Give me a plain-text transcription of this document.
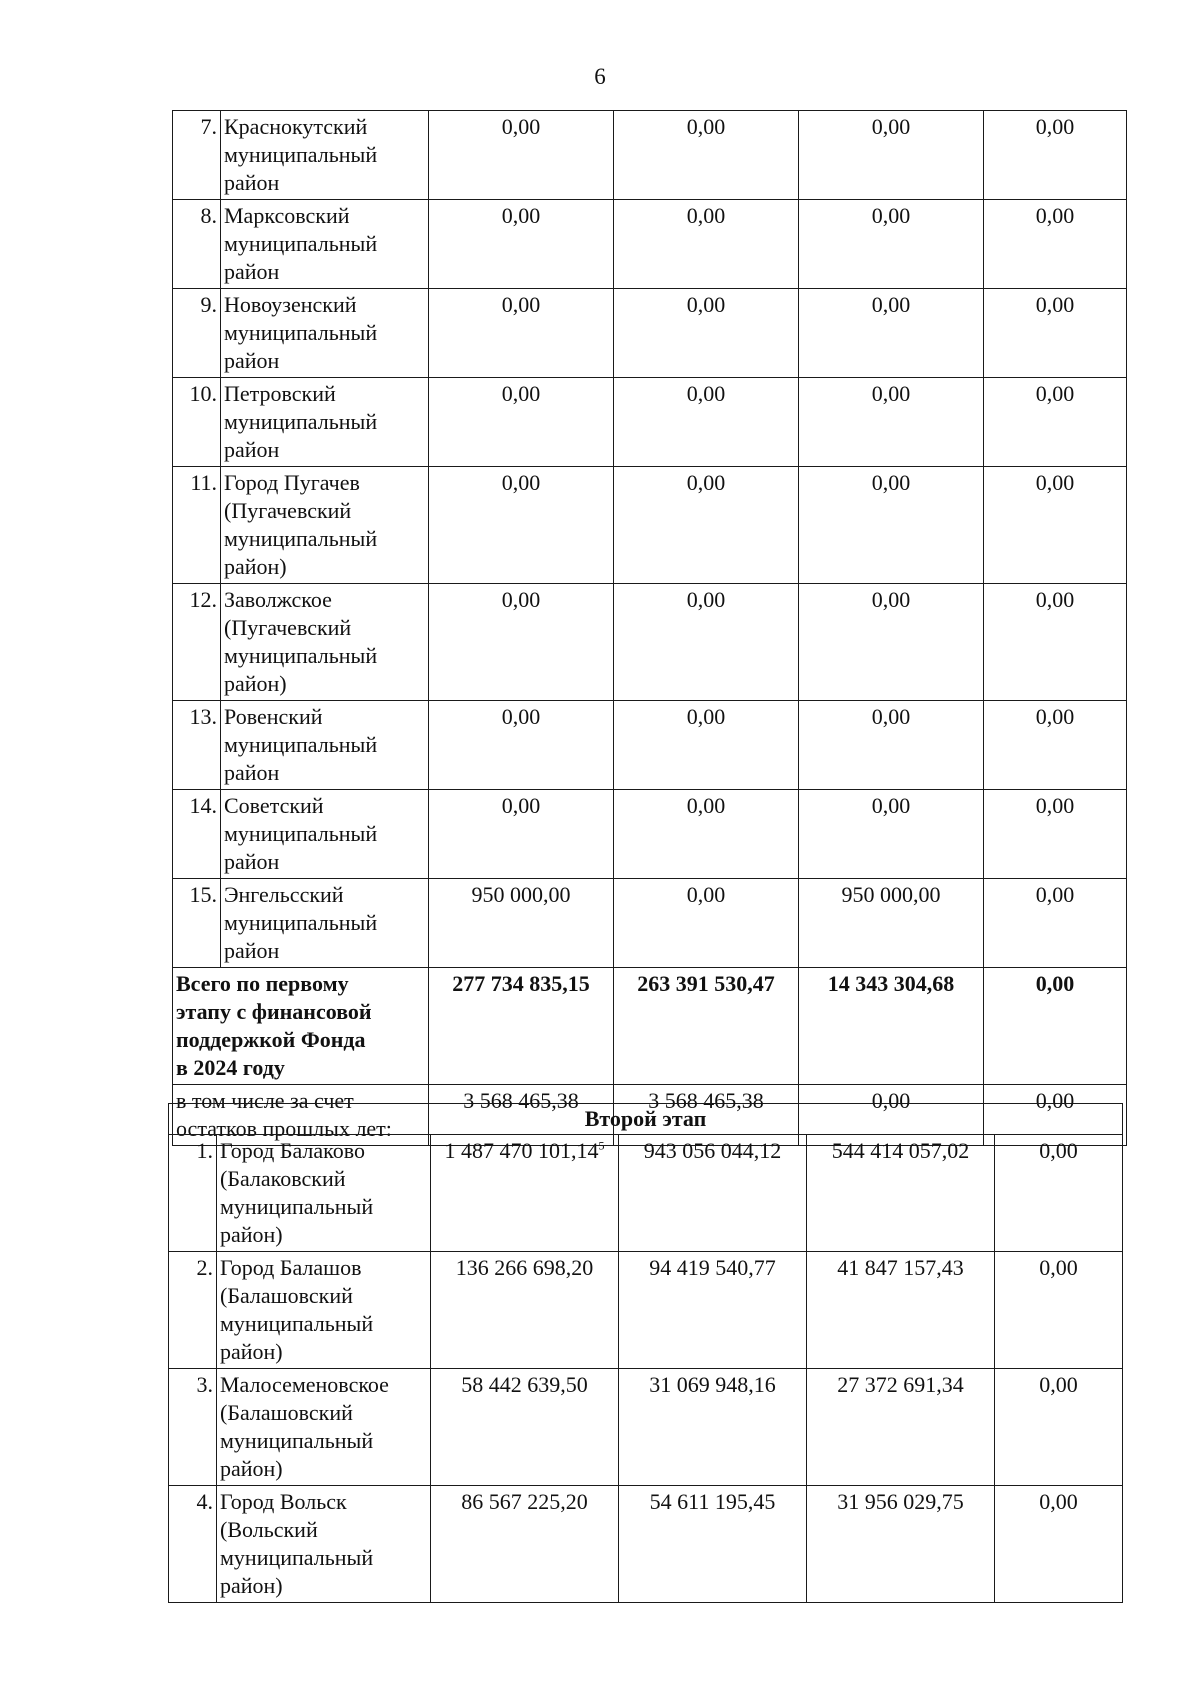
6
7.	Краснокутский
муниципальный
район	0,00	0,00	0,00	0,00
8.	Марксовский
муниципальный
район	0,00	0,00	0,00	0,00
9.	Новоузенский
муниципальный
район	0,00	0,00	0,00	0,00
10.	Петровский
муниципальный
район	0,00	0,00	0,00	0,00
11.	Город Пугачев
(Пугачевский
муниципальный
район)	0,00	0,00	0,00	0,00
12.	Заволжское
(Пугачевский
муниципальный
район)	0,00	0,00	0,00	0,00
13.	Ровенский
муниципальный
район	0,00	0,00	0,00	0,00
14.	Советский
муниципальный
район	0,00	0,00	0,00	0,00
15.	Энгельсский
муниципальный
район	950 000,00	0,00	950 000,00	0,00

Всего по первому
этапу с финансовой
поддержкой Фонда
в 2024 году		277 734 835,15	263 391 530,47	14 343 304,68	0,00

в том числе за счет
остатков прошлых лет:		3 568 465,38	3 568 465,38	0,00	0,00
Второй этап					
1.	Город Балаково
(Балаковский
муниципальный
район)	1 487 470 101,14$^5$	943 056 044,12	544 414 057,02	0,00
2.	Город Балашов
(Балашовский
муниципальный
район)	136 266 698,20	94 419 540,77	41 847 157,43	0,00
3.	Малосеменовское
(Балашовский
муниципальный
район)	58 442 639,50	31 069 948,16	27 372 691,34	0,00
4.	Город Вольск
(Вольский
муниципальный
район)	86 567 225,20	54 611 195,45	31 956 029,75	0,00
